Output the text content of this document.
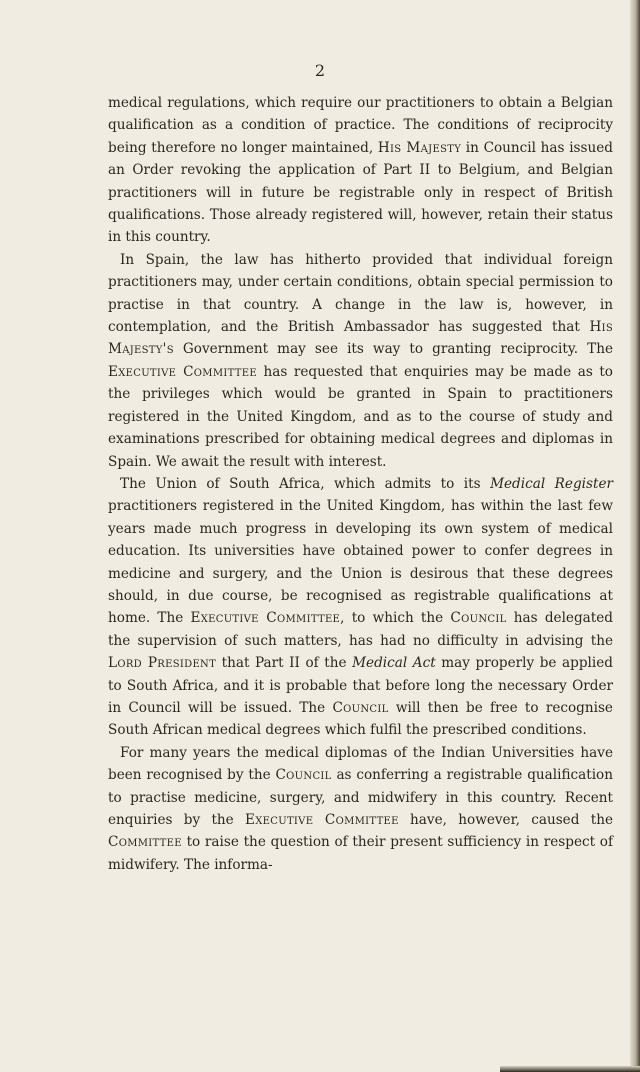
2

medical regulations, which require our practitioners to obtain a Belgian qualification as a condition of practice. The conditions of reciprocity being therefore no longer maintained, His Majesty in Council has issued an Order revoking the application of Part II to Belgium, and Belgian practitioners will in future be registrable only in respect of British qualifications. Those already registered will, however, retain their status in this country.

In Spain, the law has hitherto provided that individual foreign practitioners may, under certain conditions, obtain special permission to practise in that country. A change in the law is, however, in contemplation, and the British Ambassador has suggested that His Majesty's Government may see its way to granting reciprocity. The Executive Committee has requested that enquiries may be made as to the privileges which would be granted in Spain to practitioners registered in the United Kingdom, and as to the course of study and examinations prescribed for obtaining medical degrees and diplomas in Spain. We await the result with interest.

The Union of South Africa, which admits to its Medical Register practitioners registered in the United Kingdom, has within the last few years made much progress in developing its own system of medical education. Its universities have obtained power to confer degrees in medicine and surgery, and the Union is desirous that these degrees should, in due course, be recognised as registrable qualifications at home. The Executive Committee, to which the Council has delegated the supervision of such matters, has had no difficulty in advising the Lord President that Part II of the Medical Act may properly be applied to South Africa, and it is probable that before long the necessary Order in Council will be issued. The Council will then be free to recognise South African medical degrees which fulfil the prescribed conditions.

For many years the medical diplomas of the Indian Universities have been recognised by the Council as conferring a registrable qualification to practise medicine, surgery, and midwifery in this country. Recent enquiries by the Executive Committee have, however, caused the Committee to raise the question of their present sufficiency in respect of midwifery. The informa-
